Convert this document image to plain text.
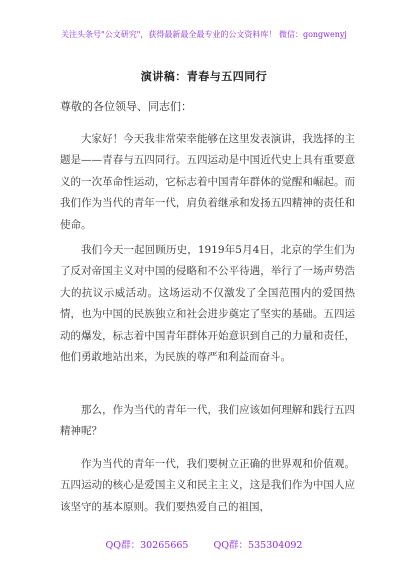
关注头条号"公文研究"，获得最新最全最专业的公文资料库！ 微信：gongwenyj
演讲稿：青春与五四同行
尊敬的各位领导、同志们：

大家好！今天我非常荣幸能够在这里发表演讲，我选择的主题是——青春与五四同行。五四运动是中国近代史上具有重要意义的一次革命性运动，它标志着中国青年群体的觉醒和崛起。而我们作为当代的青年一代，肩负着继承和发扬五四精神的责任和使命。

我们今天一起回顾历史，1919年5月4日，北京的学生们为了反对帝国主义对中国的侵略和不公平待遇，举行了一场声势浩大的抗议示威活动。这场运动不仅激发了全国范围内的爱国热情，也为中国的民族独立和社会进步奠定了坚实的基础。五四运动的爆发，标志着中国青年群体开始意识到自己的力量和责任，他们勇敢地站出来，为民族的尊严和利益而奋斗。

那么，作为当代的青年一代，我们应该如何理解和践行五四精神呢？

作为当代的青年一代，我们要树立正确的世界观和价值观。五四运动的核心是爱国主义和民主主义，这是我们作为中国人应该坚守的基本原则。我们要热爱自己的祖国，

QQ群：30265665	QQ群：535304092
